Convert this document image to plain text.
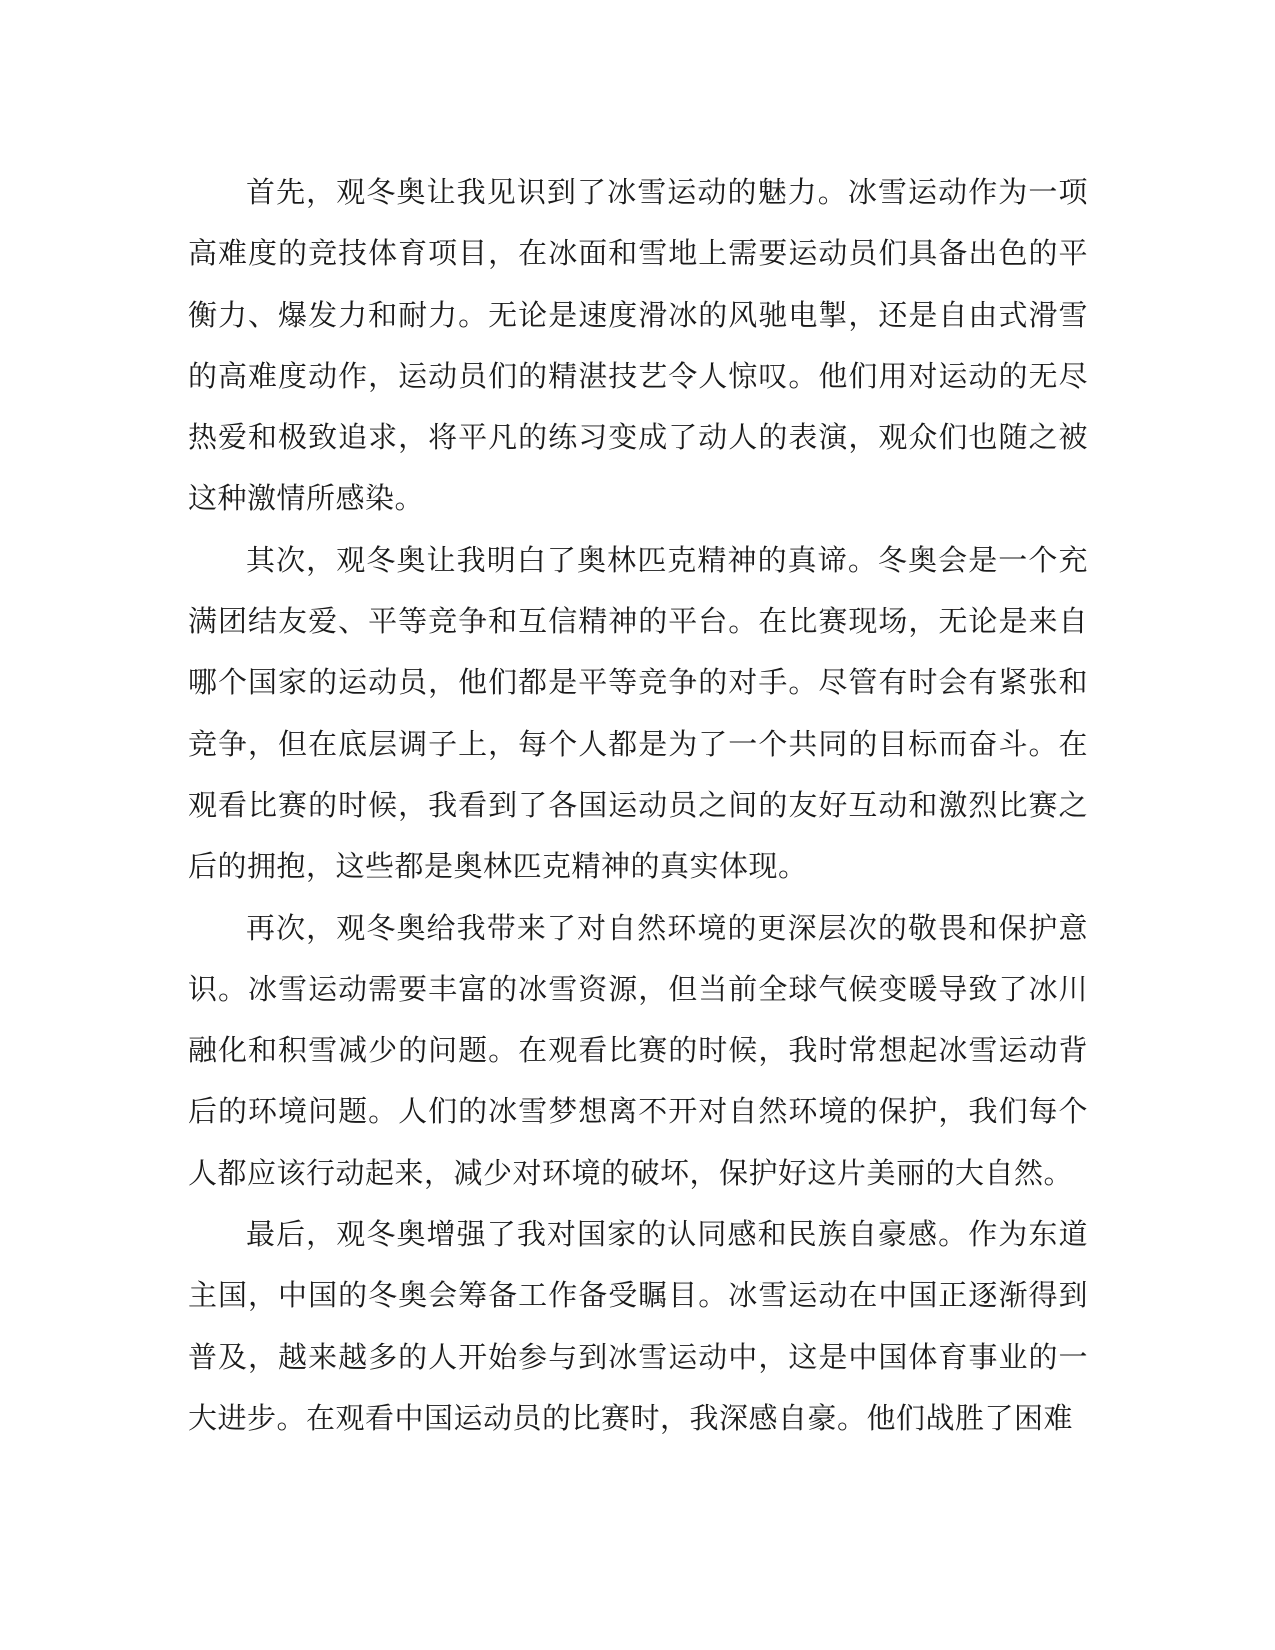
首先，观冬奥让我见识到了冰雪运动的魅力。冰雪运动作为一项高难度的竞技体育项目，在冰面和雪地上需要运动员们具备出色的平衡力、爆发力和耐力。无论是速度滑冰的风驰电掣，还是自由式滑雪的高难度动作，运动员们的精湛技艺令人惊叹。他们用对运动的无尽热爱和极致追求，将平凡的练习变成了动人的表演，观众们也随之被这种激情所感染。

其次，观冬奥让我明白了奥林匹克精神的真谛。冬奥会是一个充满团结友爱、平等竞争和互信精神的平台。在比赛现场，无论是来自哪个国家的运动员，他们都是平等竞争的对手。尽管有时会有紧张和竞争，但在底层调子上，每个人都是为了一个共同的目标而奋斗。在观看比赛的时候，我看到了各国运动员之间的友好互动和激烈比赛之后的拥抱，这些都是奥林匹克精神的真实体现。

再次，观冬奥给我带来了对自然环境的更深层次的敬畏和保护意识。冰雪运动需要丰富的冰雪资源，但当前全球气候变暖导致了冰川融化和积雪减少的问题。在观看比赛的时候，我时常想起冰雪运动背后的环境问题。人们的冰雪梦想离不开对自然环境的保护，我们每个人都应该行动起来，减少对环境的破坏，保护好这片美丽的大自然。

最后，观冬奥增强了我对国家的认同感和民族自豪感。作为东道主国，中国的冬奥会筹备工作备受瞩目。冰雪运动在中国正逐渐得到普及，越来越多的人开始参与到冰雪运动中，这是中国体育事业的一大进步。在观看中国运动员的比赛时，我深感自豪。他们战胜了困难
